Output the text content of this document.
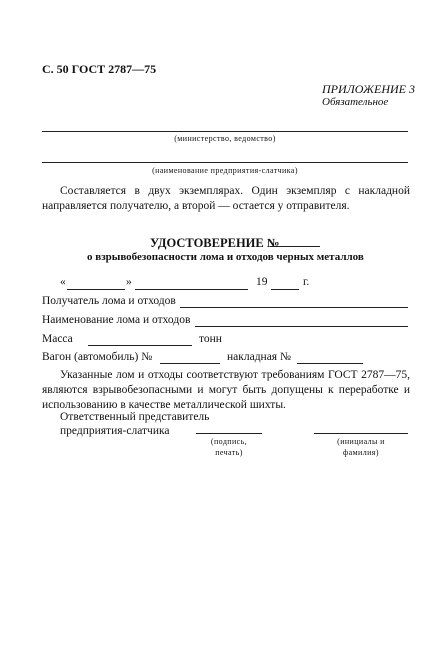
С. 50 ГОСТ 2787—75
ПРИЛОЖЕНИЕ 3
Обязательное
(министерство, ведомство)
(наименование предприятия-слатчика)
Составляется в двух экземплярах. Один экземпляр с накладной направляется получателю, а второй — остается у отправителя.
УДОСТОВЕРЕНИЕ №
о взрывобезопасности лома и отходов черных металлов
«	»	19	г.
Получатель лома и отходов
Наименование лома и отходов
Масса	тонн
Вагон (автомобиль) №	накладная №
Указанные лом и отходы соответствуют требованиям ГОСТ 2787—75, являются взрывобезопасными и могут быть допущены к переработке и использованию в качестве металлической шихты.
Ответственный представитель
предприятия-слатчика
(подпись,
печать)
(инициалы и
фамилия)
